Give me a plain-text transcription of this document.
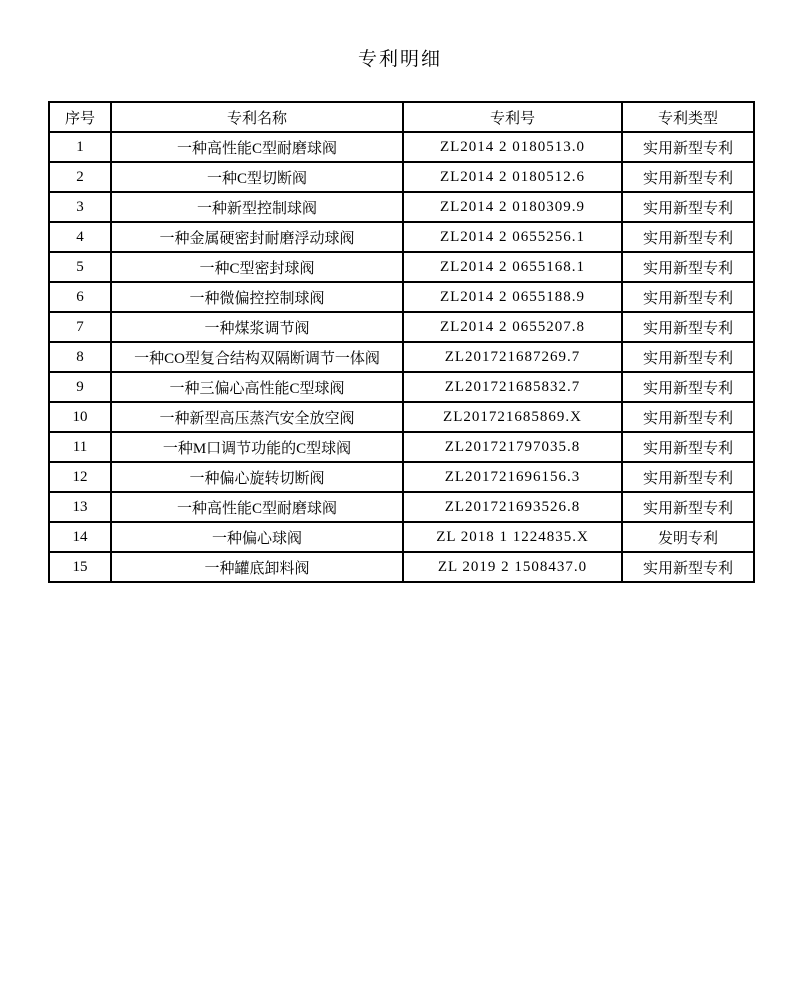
专利明细
序号	专利名称	专利号	专利类型
1	一种高性能C型耐磨球阀	ZL2014 2 0180513.0	实用新型专利
2	一种C型切断阀	ZL2014 2 0180512.6	实用新型专利
3	一种新型控制球阀	ZL2014 2 0180309.9	实用新型专利
4	一种金属硬密封耐磨浮动球阀	ZL2014 2 0655256.1	实用新型专利
5	一种C型密封球阀	ZL2014 2 0655168.1	实用新型专利
6	一种微偏控控制球阀	ZL2014 2 0655188.9	实用新型专利
7	一种煤浆调节阀	ZL2014 2 0655207.8	实用新型专利
8	一种CO型复合结构双隔断调节一体阀	ZL201721687269.7	实用新型专利
9	一种三偏心高性能C型球阀	ZL201721685832.7	实用新型专利
10	一种新型高压蒸汽安全放空阀	ZL201721685869.X	实用新型专利
11	一种M口调节功能的C型球阀	ZL201721797035.8	实用新型专利
12	一种偏心旋转切断阀	ZL201721696156.3	实用新型专利
13	一种高性能C型耐磨球阀	ZL201721693526.8	实用新型专利
14	一种偏心球阀	ZL 2018 1 1224835.X	发明专利
15	一种罐底卸料阀	ZL 2019 2 1508437.0	实用新型专利
